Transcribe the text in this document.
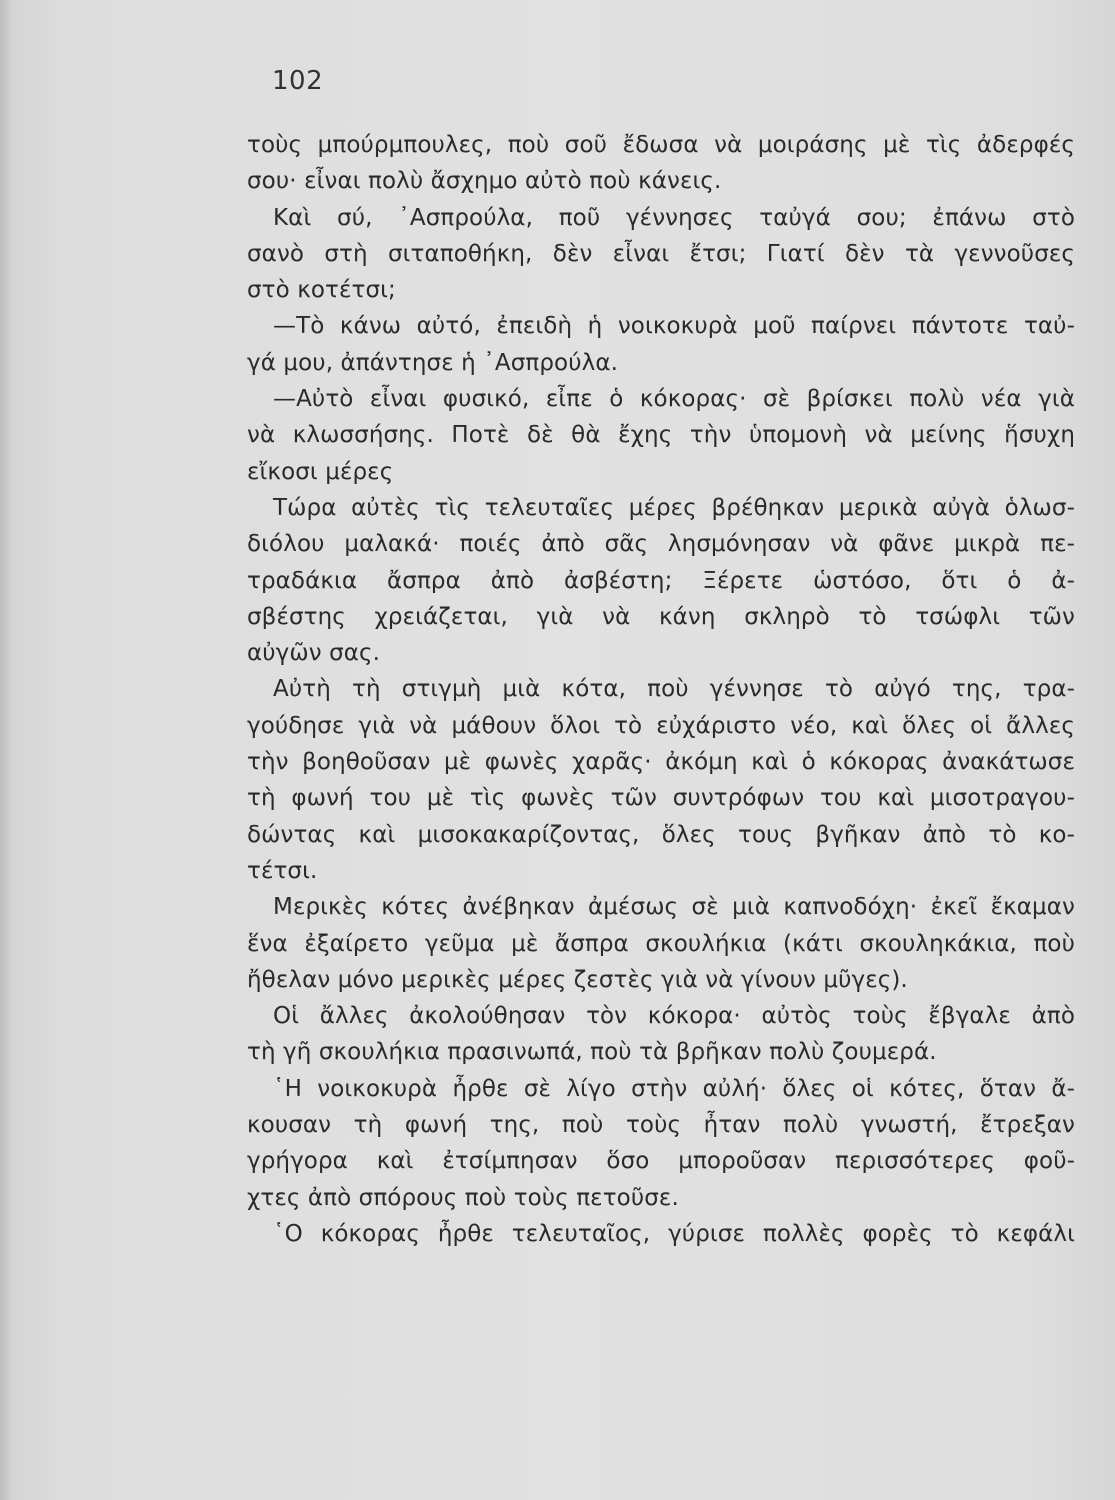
102
τοὺς μπούρμπουλες, ποὺ σοῦ ἔδωσα νὰ μοιράσης μὲ τὶς ἀδερφές
σου· εἶναι πολὺ ἄσχημο αὐτὸ ποὺ κάνεις.
Καὶ σύ, ᾿Ασπρούλα, ποῦ γέννησες ταὐγά σου; ἐπάνω στὸ
σανὸ στὴ σιταποθήκη, δὲν εἶναι ἔτσι; Γιατί δὲν τὰ γεννοῦσες
στὸ κοτέτσι;
—Τὸ κάνω αὐτό, ἐπειδὴ ἡ νοικοκυρὰ μοῦ παίρνει πάντοτε ταὐ-
γά μου, ἀπάντησε ἡ ᾿Ασπρούλα.
—Αὐτὸ εἶναι φυσικό, εἶπε ὁ κόκορας· σὲ βρίσκει πολὺ νέα γιὰ
νὰ κλωσσήσης. Ποτὲ δὲ θὰ ἔχης τὴν ὑπομονὴ νὰ μείνης ἥσυχη
εἴκοσι μέρες
Τώρα αὐτὲς τὶς τελευταῖες μέρες βρέθηκαν μερικὰ αὐγὰ ὁλωσ-
διόλου μαλακά· ποιές ἀπὸ σᾶς λησμόνησαν νὰ φᾶνε μικρὰ πε-
τραδάκια ἄσπρα ἀπὸ ἀσβέστη; Ξέρετε ὡστόσο, ὅτι ὁ ἀ-
σβέστης χρειάζεται, γιὰ νὰ κάνη σκληρὸ τὸ τσώφλι τῶν
αὐγῶν σας.
Αὐτὴ τὴ στιγμὴ μιὰ κότα, ποὺ γέννησε τὸ αὐγό της, τρα-
γούδησε γιὰ νὰ μάθουν ὅλοι τὸ εὐχάριστο νέο, καὶ ὅλες οἱ ἄλλες
τὴν βοηθοῦσαν μὲ φωνὲς χαρᾶς· ἀκόμη καὶ ὁ κόκορας ἀνακάτωσε
τὴ φωνή του μὲ τὶς φωνὲς τῶν συντρόφων του καὶ μισοτραγου-
δώντας καὶ μισοκακαρίζοντας, ὅλες τους βγῆκαν ἀπὸ τὸ κο-
τέτσι.
Μερικὲς κότες ἀνέβηκαν ἀμέσως σὲ μιὰ καπνοδόχη· ἐκεῖ ἔκαμαν
ἕνα ἐξαίρετο γεῦμα μὲ ἄσπρα σκουλήκια (κάτι σκουληκάκια, ποὺ
ἤθελαν μόνο μερικὲς μέρες ζεστὲς γιὰ νὰ γίνουν μῦγες).
Οἱ ἄλλες ἀκολούθησαν τὸν κόκορα· αὐτὸς τοὺς ἔβγαλε ἀπὸ
τὴ γῆ σκουλήκια πρασινωπά, ποὺ τὰ βρῆκαν πολὺ ζουμερά.
῾Η νοικοκυρὰ ἦρθε σὲ λίγο στὴν αὐλή· ὅλες οἱ κότες, ὅταν ἄ-
κουσαν τὴ φωνή της, ποὺ τοὺς ἦταν πολὺ γνωστή, ἔτρεξαν
γρήγορα καὶ ἐτσίμπησαν ὅσο μποροῦσαν περισσότερες φοῦ-
χτες ἀπὸ σπόρους ποὺ τοὺς πετοῦσε.
῾Ο κόκορας ἦρθε τελευταῖος, γύρισε πολλὲς φορὲς τὸ κεφάλι
